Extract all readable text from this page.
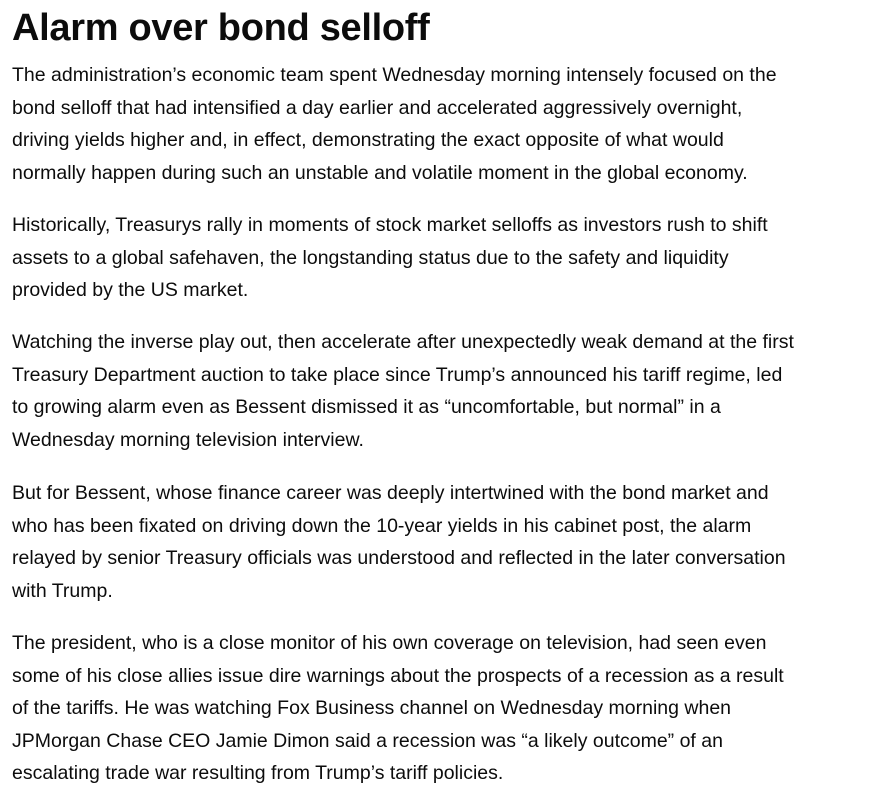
Alarm over bond selloff

The administration’s economic team spent Wednesday morning intensely focused on the
bond selloff that had intensified a day earlier and accelerated aggressively overnight,
driving yields higher and, in effect, demonstrating the exact opposite of what would
normally happen during such an unstable and volatile moment in the global economy.

Historically, Treasurys rally in moments of stock market selloffs as investors rush to shift
assets to a global safehaven, the longstanding status due to the safety and liquidity
provided by the US market.

Watching the inverse play out, then accelerate after unexpectedly weak demand at the first
Treasury Department auction to take place since Trump’s announced his tariff regime, led
to growing alarm even as Bessent dismissed it as “uncomfortable, but normal” in a
Wednesday morning television interview.

But for Bessent, whose finance career was deeply intertwined with the bond market and
who has been fixated on driving down the 10-year yields in his cabinet post, the alarm
relayed by senior Treasury officials was understood and reflected in the later conversation
with Trump.

The president, who is a close monitor of his own coverage on television, had seen even
some of his close allies issue dire warnings about the prospects of a recession as a result
of the tariffs. He was watching Fox Business channel on Wednesday morning when
JPMorgan Chase CEO Jamie Dimon said a recession was “a likely outcome” of an
escalating trade war resulting from Trump’s tariff policies.
